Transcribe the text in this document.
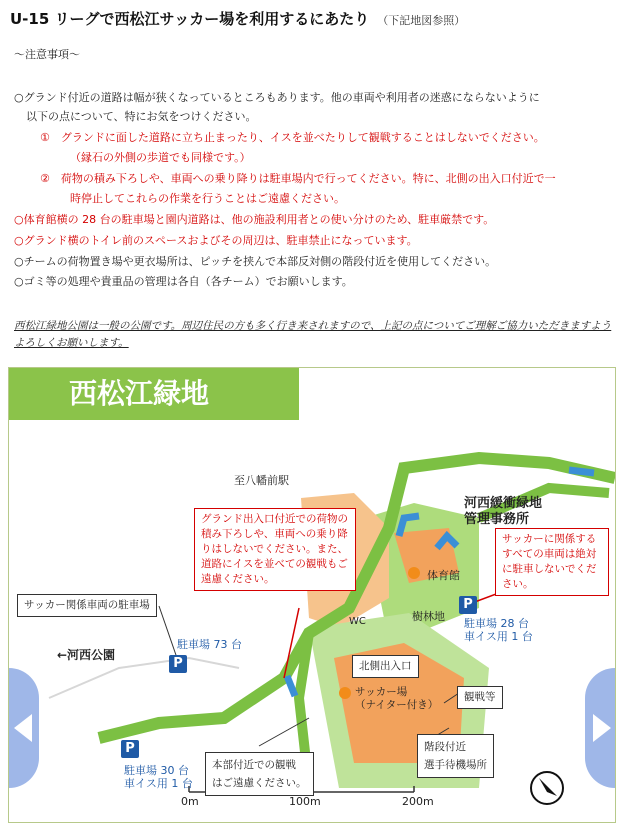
U-15 リーグで西松江サッカー場を利用するにあたり （下記地図参照）
〜注意事項〜
○グランド付近の道路は幅が狭くなっているところもあります。他の車両や利用者の迷惑にならないように
以下の点について、特にお気をつけください。
①　グランドに面した道路に立ち止まったり、イスを並べたりして観戦することはしないでください。
（縁石の外側の歩道でも同様です。）
②　荷物の積み下ろしや、車両への乗り降りは駐車場内で行ってください。特に、北側の出入口付近で一
時停止してこれらの作業を行うことはご遠慮ください。
○体育館横の 28 台の駐車場と園内道路は、他の施設利用者との使い分けのため、駐車厳禁です。
○グランド横のトイレ前のスペースおよびその周辺は、駐車禁止になっています。
○チームの荷物置き場や更衣場所は、ピッチを挟んで本部反対側の階段付近を使用してください。
○ゴミ等の処理や貴重品の管理は各自（各チーム）でお願いします。
西松江緑地公園は一般の公園です。周辺住民の方も多く行き来されますので、上記の点についてご理解ご協力いただきますようよろしくお願いします。
西松江緑地
至八幡前駅
←河西公園
河西緩衝緑地
管理事務所
体育館
樹林地
WC
サッカー場
（ナイター付き）
P
駐車場 73 台
P
駐車場 28 台
車イス用 1 台
P
駐車場 30 台
車イス用 1 台
グランド出入口付近での荷物の積み下ろしや、車両への乗り降りはしないでください。また、道路にイスを並べての観戦もご遠慮ください。
サッカーに関係するすべての車両は絶対に駐車しないでください。
サッカー関係車両の駐車場
北側出入口
観戦等
階段付近
選手待機場所
本部付近での観戦
はご遠慮ください。
0m	100m	200m
